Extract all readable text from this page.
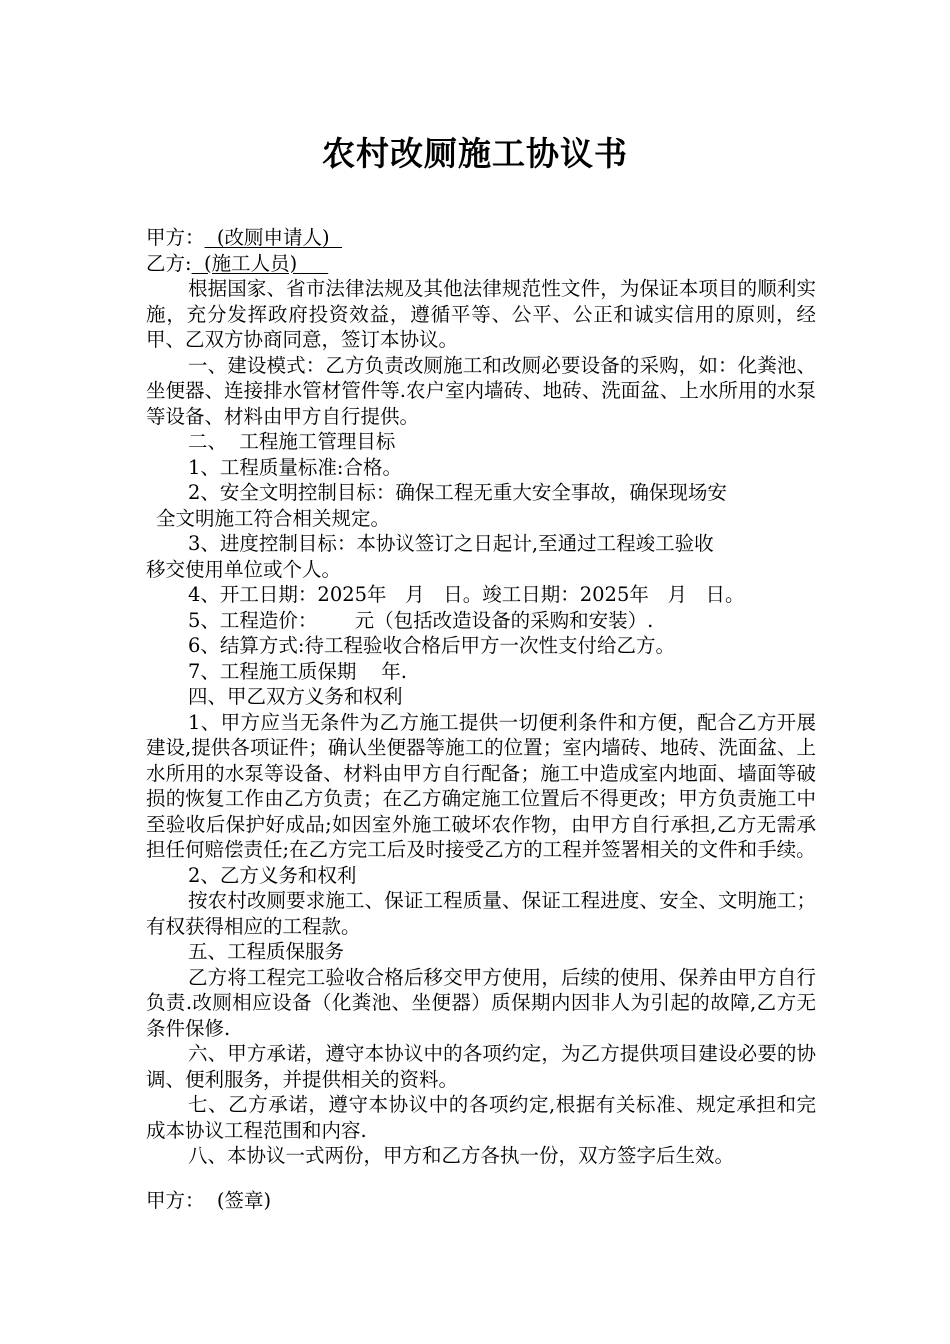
农村改厕施工协议书
甲方：  (改厕申请人)
乙方:  (施工人员)
根据国家、省市法律法规及其他法律规范性文件，为保证本项目的顺利实施，充分发挥政府投资效益，遵循平等、公平、公正和诚实信用的原则，经甲、乙双方协商同意，签订本协议。
一、建设模式：乙方负责改厕施工和改厕必要设备的采购，如：化粪池、坐便器、连接排水管材管件等.农户室内墙砖、地砖、洗面盆、上水所用的水泵等设备、材料由甲方自行提供。
二、  工程施工管理目标
1、工程质量标准:合格。
2、安全文明控制目标：确保工程无重大安全事故，确保现场安
全文明施工符合相关规定。
3、进度控制目标：本协议签订之日起计,至通过工程竣工验收
移交使用单位或个人。
4、开工日期：2025年   月   日。竣工日期：2025年   月   日。
5、工程造价：      元（包括改造设备的采购和安装）.
6、结算方式:待工程验收合格后甲方一次性支付给乙方。
7、工程施工质保期    年.
四、甲乙双方义务和权利
1、甲方应当无条件为乙方施工提供一切便利条件和方便，配合乙方开展建设,提供各项证件；确认坐便器等施工的位置；室内墙砖、地砖、洗面盆、上水所用的水泵等设备、材料由甲方自行配备；施工中造成室内地面、墙面等破损的恢复工作由乙方负责；在乙方确定施工位置后不得更改；甲方负责施工中至验收后保护好成品;如因室外施工破坏农作物，由甲方自行承担,乙方无需承担任何赔偿责任;在乙方完工后及时接受乙方的工程并签署相关的文件和手续。
2、乙方义务和权利
按农村改厕要求施工、保证工程质量、保证工程进度、安全、文明施工；有权获得相应的工程款。
五、工程质保服务
乙方将工程完工验收合格后移交甲方使用，后续的使用、保养由甲方自行负责.改厕相应设备（化粪池、坐便器）质保期内因非人为引起的故障,乙方无条件保修.
六、甲方承诺，遵守本协议中的各项约定，为乙方提供项目建设必要的协调、便利服务，并提供相关的资料。
七、乙方承诺，遵守本协议中的各项约定,根据有关标准、规定承担和完成本协议工程范围和内容.
八、本协议一式两份，甲方和乙方各执一份，双方签字后生效。
甲方：  (签章)
